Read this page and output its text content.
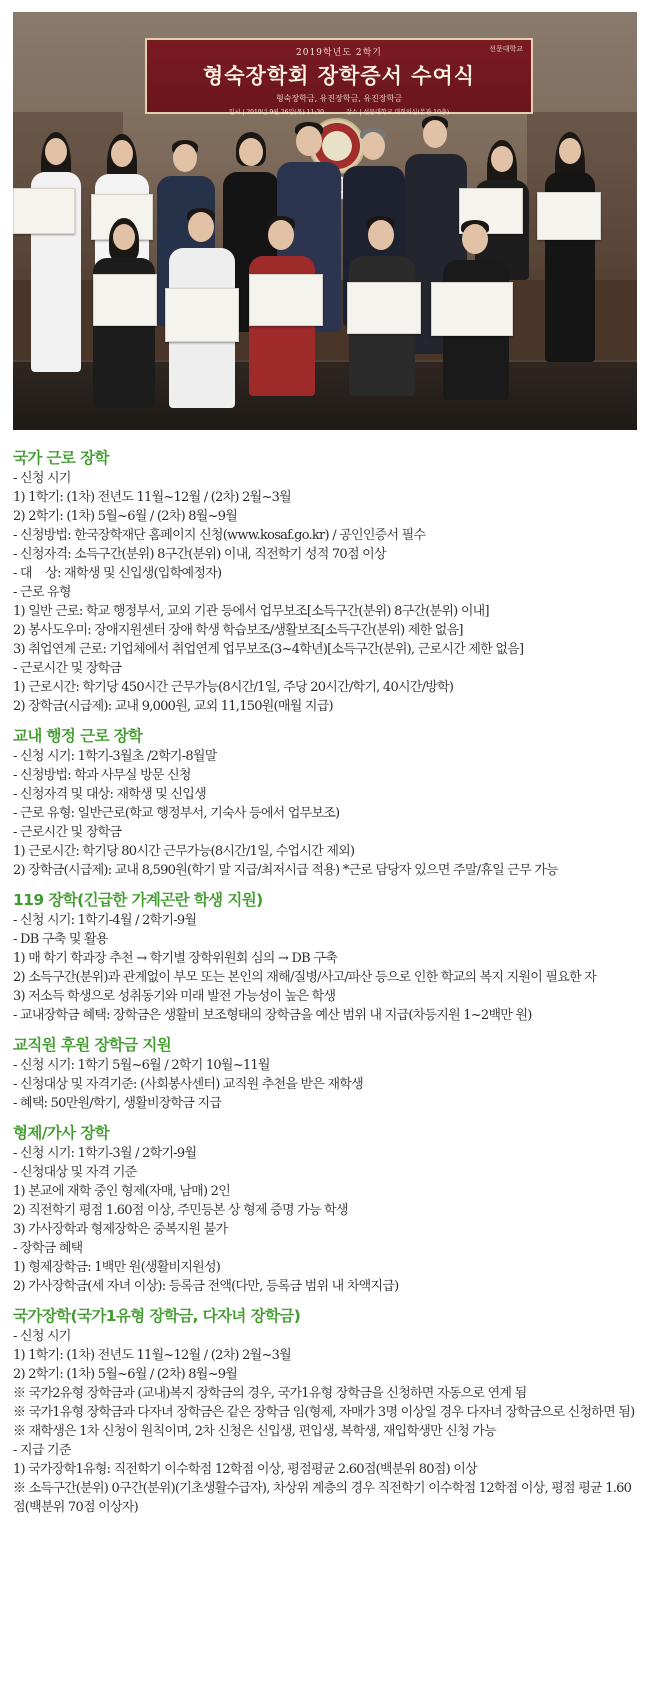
선문대학교
2019학년도 2학기
형숙장학회 장학증서 수여식
형숙장학금, 유진장학금, 유진장학금
일시 | 2019년 9월 26일(목) 11:30	장소 | 선문대학교 대회의실(본관 10층)
국가 근로 장학
- 신청 시기
1) 1학기: (1차) 전년도 11월~12월 / (2차) 2월~3월
2) 2학기: (1차) 5월~6월 / (2차) 8월~9월
- 신청방법: 한국장학재단 홈페이지 신청(www.kosaf.go.kr) / 공인인증서 필수
- 신청자격: 소득구간(분위) 8구간(분위) 이내, 직전학기 성적 70점 이상
- 대    상: 재학생 및 신입생(입학예정자)
- 근로 유형
1) 일반 근로: 학교 행정부서, 교외 기관 등에서 업무보조[소득구간(분위) 8구간(분위) 이내]
2) 봉사도우미: 장애지원센터 장애 학생 학습보조/생활보조[소득구간(분위) 제한 없음]
3) 취업연계 근로: 기업체에서 취업연계 업무보조(3~4학년)[소득구간(분위), 근로시간 제한 없음]
- 근로시간 및 장학금
1) 근로시간: 학기당 450시간 근무가능(8시간/1일, 주당 20시간/학기, 40시간/방학)
2) 장학금(시급제): 교내 9,000원, 교외 11,150원(매월 지급)
교내 행정 근로 장학
- 신청 시기: 1학기-3월초 /2학기-8월말
- 신청방법: 학과 사무실 방문 신청
- 신청자격 및 대상: 재학생 및 신입생
- 근로 유형: 일반근로(학교 행정부서, 기숙사 등에서 업무보조)
- 근로시간 및 장학금
1) 근로시간: 학기당 80시간 근무가능(8시간/1일, 수업시간 제외)
2) 장학금(시급제): 교내 8,590원(학기 말 지급/최저시급 적용) *근로 담당자 있으면 주말/휴일 근무 가능
119 장학(긴급한 가계곤란 학생 지원)
- 신청 시기: 1학기-4월 / 2학기-9월
- DB 구축 및 활용
1) 매 학기 학과장 추천 → 학기별 장학위원회 심의 → DB 구축
2) 소득구간(분위)과 관계없이 부모 또는 본인의 재해/질병/사고/파산 등으로 인한 학교의 복지 지원이 필요한 자
3) 저소득 학생으로 성취동기와 미래 발전 가능성이 높은 학생
- 교내장학금 혜택: 장학금은 생활비 보조형태의 장학금을 예산 범위 내 지급(차등지원 1~2백만 원)
교직원 후원 장학금 지원
- 신청 시기: 1학기 5월~6월 / 2학기 10월~11월
- 신청대상 및 자격기준: (사회봉사센터) 교직원 추천을 받은 재학생
- 혜택: 50만원/학기, 생활비장학금 지급
형제/가사 장학
- 신청 시기: 1학기-3월 / 2학기-9월
- 신청대상 및 자격 기준
1) 본교에 재학 중인 형제(자매, 남매) 2인
2) 직전학기 평점 1.60점 이상, 주민등본 상 형제 증명 가능 학생
3) 가사장학과 형제장학은 중복지원 불가
- 장학금 혜택
1) 형제장학금: 1백만 원(생활비지원성)
2) 가사장학금(세 자녀 이상): 등록금 전액(다만, 등록금 범위 내 차액지급)
국가장학(국가1유형 장학금, 다자녀 장학금)
- 신청 시기
1) 1학기: (1차) 전년도 11월~12월 / (2차) 2월~3월
2) 2학기: (1차) 5월~6월 / (2차) 8월~9월
※ 국가2유형 장학금과 (교내)복지 장학금의 경우, 국가1유형 장학금을 신청하면 자동으로 연계 됨
※ 국가1유형 장학금과 다자녀 장학금은 같은 장학금 임(형제, 자매가 3명 이상일 경우 다자녀 장학금으로 신청하면 됨)
※ 재학생은 1차 신청이 원칙이며, 2차 신청은 신입생, 편입생, 복학생, 재입학생만 신청 가능
- 지급 기준
1) 국가장학1유형: 직전학기 이수학점 12학점 이상, 평점평균 2.60점(백분위 80점) 이상
※ 소득구간(분위) 0구간(분위)(기초생활수급자), 차상위 계층의 경우 직전학기 이수학점 12학점 이상, 평점 평균 1.60점(백분위 70점 이상자)
